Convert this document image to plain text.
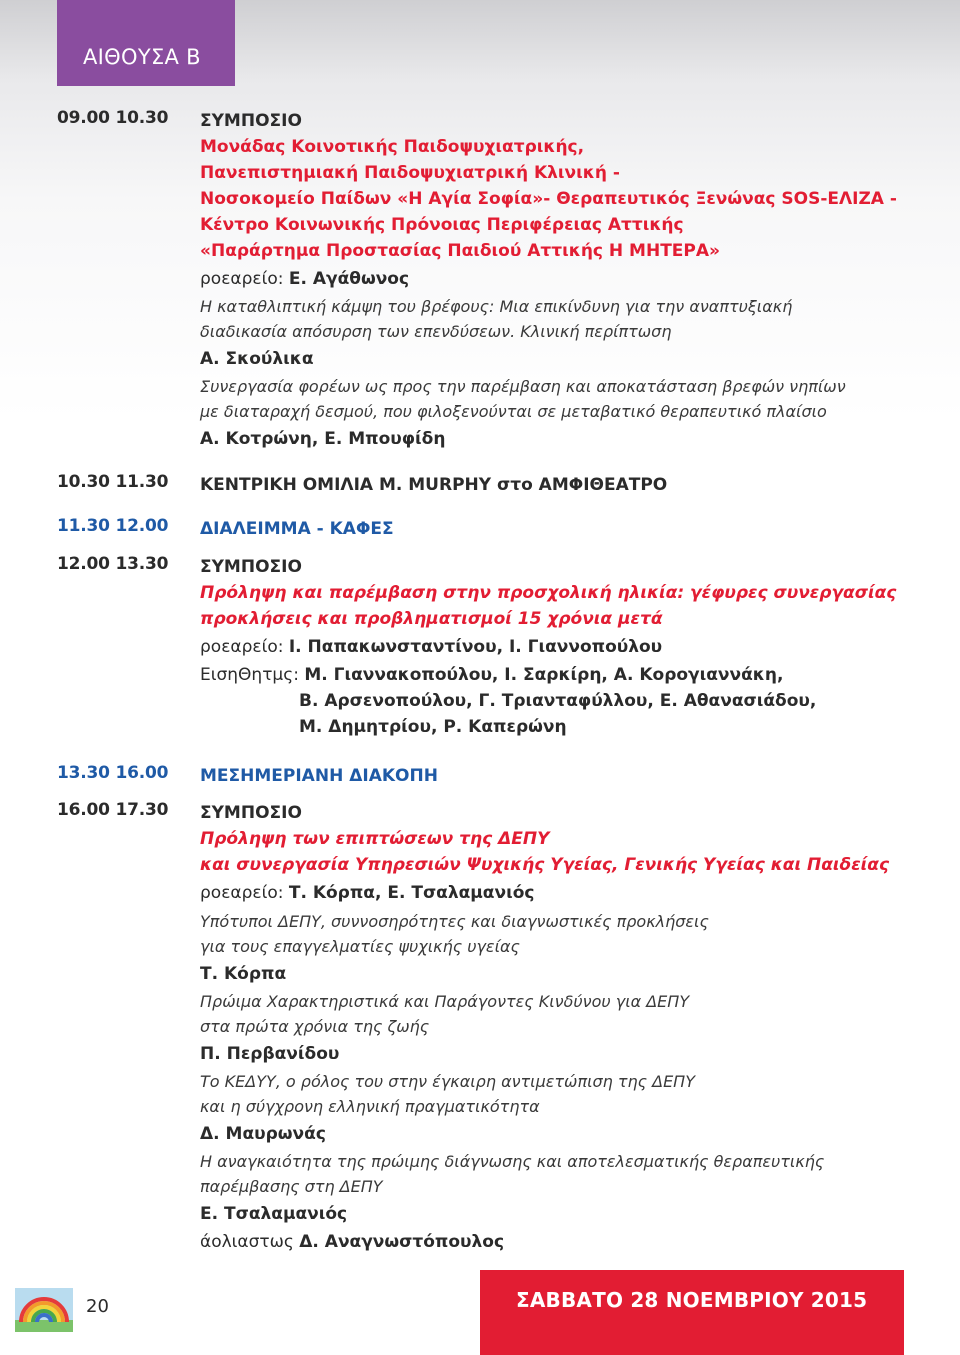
ΑΙΘΟΥΣΑ Β
09.00 10.30	ΣΥΜΠΟΣΙΟ
Μονάδας Κοινοτικής Παιδοψυχιατρικής,
Πανεπιστημιακή Παιδοψυχιατρική Κλινική -
Νοσοκομείο Παίδων «Η Αγία Σοφία»- Θεραπευτικός Ξενώνας SOS-ΕΛΙΖΑ -
Κέντρο Κοινωνικής Πρόνοιας Περιφέρειας Αττικής
«Παράρτημα Προστασίας Παιδιού Αττικής Η ΜΗΤΕΡΑ»
ροεαρείο: Ε. Αγάθωνος
Η καταθλιπτική κάμψη του βρέφους: Μια επικίνδυνη για την αναπτυξιακή
διαδικασία απόσυρση των επενδύσεων. Κλινική περίπτωση
Α. Σκούλικα
Συνεργασία φορέων ως προς την παρέμβαση και αποκατάσταση βρεφών νηπίων
με διαταραχή δεσμού, που φιλοξενούνται σε μεταβατικό θεραπευτικό πλαίσιο
Α. Κοτρώνη, Ε. Μπουφίδη
10.30 11.30	ΚΕΝΤΡΙΚΗ ΟΜΙΛΙΑ M. MURPHY στο ΑΜΦΙΘΕΑΤΡΟ
11.30 12.00	ΔΙΑΛΕΙΜΜΑ - ΚΑΦΕΣ
12.00 13.30	ΣΥΜΠΟΣΙΟ
Πρόληψη και παρέμβαση στην προσχολική ηλικία: γέφυρες συνεργασίας
προκλήσεις και προβληματισμοί 15 χρόνια μετά
ροεαρείο: Ι. Παπακωνσταντίνου, Ι. Γιαννοπούλου
ΕισηΘητμς: Μ. Γιαννακοπούλου, Ι. Σαρκίρη, Α. Κορογιαννάκη,
Β. Αρσενοπούλου, Γ. Τριανταφύλλου, Ε. Αθανασιάδου,
Μ. Δημητρίου, Ρ. Καπερώνη
13.30 16.00	ΜΕΣΗΜΕΡΙΑΝΗ ΔΙΑΚΟΠΗ
16.00 17.30	ΣΥΜΠΟΣΙΟ
Πρόληψη των επιπτώσεων της ΔΕΠΥ
και συνεργασία Υπηρεσιών Ψυχικής Υγείας, Γενικής Υγείας και Παιδείας
ροεαρείο: Τ. Κόρπα, Ε. Τσαλαμανιός
Υπότυποι ΔΕΠΥ, συννοσηρότητες και διαγνωστικές προκλήσεις
για τους επαγγελματίες ψυχικής υγείας
Τ. Κόρπα
Πρώιμα Χαρακτηριστικά και Παράγοντες Κινδύνου για ΔΕΠΥ
στα πρώτα χρόνια της ζωής
Π. Περβανίδου
Το ΚΕΔΥΥ, ο ρόλος του στην έγκαιρη αντιμετώπιση της ΔΕΠΥ
και η σύγχρονη ελληνική πραγματικότητα
Δ. Μαυρωνάς
Η αναγκαιότητα της πρώιμης διάγνωσης και αποτελεσματικής θεραπευτικής
παρέμβασης στη ΔΕΠΥ
Ε. Τσαλαμανιός
άολιαστως Δ. Αναγνωστόπουλος
20	ΣΑΒΒΑΤΟ 28 ΝΟΕΜΒΡΙΟΥ 2015
